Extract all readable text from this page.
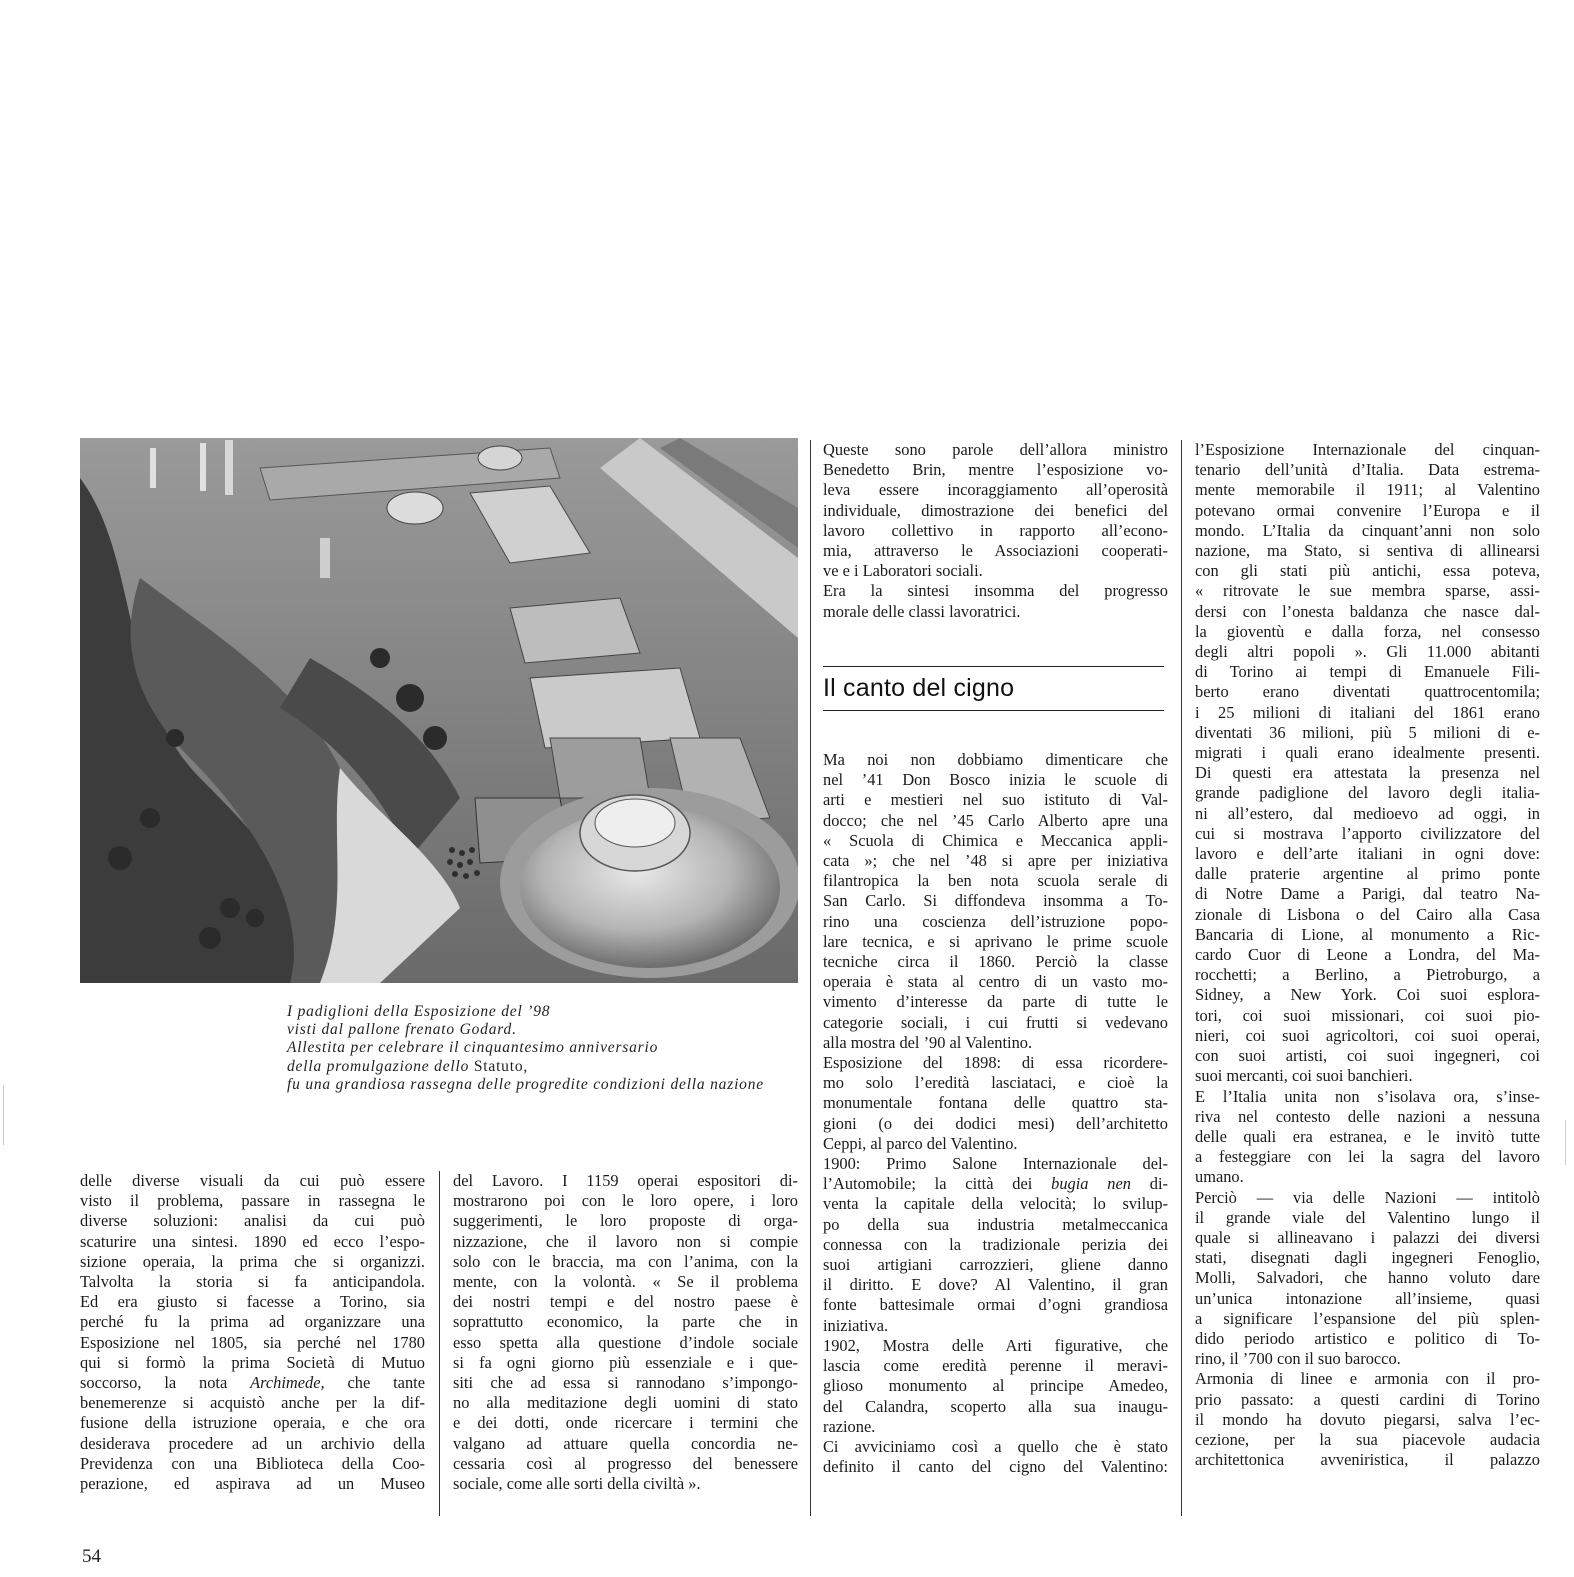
I padiglioni della Esposizione del ’98
visti dal pallone frenato Godard.
Allestita per celebrare il cinquantesimo anniversario
della promulgazione dello Statuto,
fu una grandiosa rassegna delle progredite condizioni della nazione
delle diverse visuali da cui può essere
visto il problema, passare in rassegna le
diverse soluzioni: analisi da cui può
scaturire una sintesi. 1890 ed ecco l’espo-
sizione operaia, la prima che si organizzi.
Talvolta la storia si fa anticipandola.
Ed era giusto si facesse a Torino, sia
perché fu la prima ad organizzare una
Esposizione nel 1805, sia perché nel 1780
qui si formò la prima Società di Mutuo
soccorso, la nota Archimede, che tante
benemerenze si acquistò anche per la dif-
fusione della istruzione operaia, e che ora
desiderava procedere ad un archivio della
Previdenza con una Biblioteca della Coo-
perazione, ed aspirava ad un Museo
del Lavoro. I 1159 operai espositori di-
mostrarono poi con le loro opere, i loro
suggerimenti, le loro proposte di orga-
nizzazione, che il lavoro non si compie
solo con le braccia, ma con l’anima, con la
mente, con la volontà. « Se il problema
dei nostri tempi e del nostro paese è
soprattutto economico, la parte che in
esso spetta alla questione d’indole sociale
si fa ogni giorno più essenziale e i que-
siti che ad essa si rannodano s’impongo-
no alla meditazione degli uomini di stato
e dei dotti, onde ricercare i termini che
valgano ad attuare quella concordia ne-
cessaria così al progresso del benessere
sociale, come alle sorti della civiltà ».
Queste sono parole dell’allora ministro
Benedetto Brin, mentre l’esposizione vo-
leva essere incoraggiamento all’operosità
individuale, dimostrazione dei benefici del
lavoro collettivo in rapporto all’econo-
mia, attraverso le Associazioni cooperati-
ve e i Laboratori sociali.
Era la sintesi insomma del progresso
morale delle classi lavoratrici.
Il canto del cigno
Ma noi non dobbiamo dimenticare che
nel ’41 Don Bosco inizia le scuole di
arti e mestieri nel suo istituto di Val-
docco; che nel ’45 Carlo Alberto apre una
« Scuola di Chimica e Meccanica appli-
cata »; che nel ’48 si apre per iniziativa
filantropica la ben nota scuola serale di
San Carlo. Si diffondeva insomma a To-
rino una coscienza dell’istruzione popo-
lare tecnica, e si aprivano le prime scuole
tecniche circa il 1860. Perciò la classe
operaia è stata al centro di un vasto mo-
vimento d’interesse da parte di tutte le
categorie sociali, i cui frutti si vedevano
alla mostra del ’90 al Valentino.
Esposizione del 1898: di essa ricordere-
mo solo l’eredità lasciataci, e cioè la
monumentale fontana delle quattro sta-
gioni (o dei dodici mesi) dell’architetto
Ceppi, al parco del Valentino.
1900: Primo Salone Internazionale del-
l’Automobile; la città dei bugia nen di-
venta la capitale della velocità; lo svilup-
po della sua industria metalmeccanica
connessa con la tradizionale perizia dei
suoi artigiani carrozzieri, gliene danno
il diritto. E dove? Al Valentino, il gran
fonte battesimale ormai d’ogni grandiosa
iniziativa.
1902, Mostra delle Arti figurative, che
lascia come eredità perenne il meravi-
glioso monumento al principe Amedeo,
del Calandra, scoperto alla sua inaugu-
razione.
Ci avviciniamo così a quello che è stato
definito il canto del cigno del Valentino:
l’Esposizione Internazionale del cinquan-
tenario dell’unità d’Italia. Data estrema-
mente memorabile il 1911; al Valentino
potevano ormai convenire l’Europa e il
mondo. L’Italia da cinquant’anni non solo
nazione, ma Stato, si sentiva di allinearsi
con gli stati più antichi, essa poteva,
« ritrovate le sue membra sparse, assi-
dersi con l’onesta baldanza che nasce dal-
la gioventù e dalla forza, nel consesso
degli altri popoli ». Gli 11.000 abitanti
di Torino ai tempi di Emanuele Fili-
berto erano diventati quattrocentomila;
i 25 milioni di italiani del 1861 erano
diventati 36 milioni, più 5 milioni di e-
migrati i quali erano idealmente presenti.
Di questi era attestata la presenza nel
grande padiglione del lavoro degli italia-
ni all’estero, dal medioevo ad oggi, in
cui si mostrava l’apporto civilizzatore del
lavoro e dell’arte italiani in ogni dove:
dalle praterie argentine al primo ponte
di Notre Dame a Parigi, dal teatro Na-
zionale di Lisbona o del Cairo alla Casa
Bancaria di Lione, al monumento a Ric-
cardo Cuor di Leone a Londra, del Ma-
rocchetti; a Berlino, a Pietroburgo, a
Sidney, a New York. Coi suoi esplora-
tori, coi suoi missionari, coi suoi pio-
nieri, coi suoi agricoltori, coi suoi operai,
con suoi artisti, coi suoi ingegneri, coi
suoi mercanti, coi suoi banchieri.
E l’Italia unita non s’isolava ora, s’inse-
riva nel contesto delle nazioni a nessuna
delle quali era estranea, e le invitò tutte
a festeggiare con lei la sagra del lavoro
umano.
Perciò — via delle Nazioni — intitolò
il grande viale del Valentino lungo il
quale si allineavano i palazzi dei diversi
stati, disegnati dagli ingegneri Fenoglio,
Molli, Salvadori, che hanno voluto dare
un’unica intonazione all’insieme, quasi
a significare l’espansione del più splen-
dido periodo artistico e politico di To-
rino, il ’700 con il suo barocco.
Armonia di linee e armonia con il pro-
prio passato: a questi cardini di Torino
il mondo ha dovuto piegarsi, salva l’ec-
cezione, per la sua piacevole audacia
architettonica avveniristica, il palazzo
54
